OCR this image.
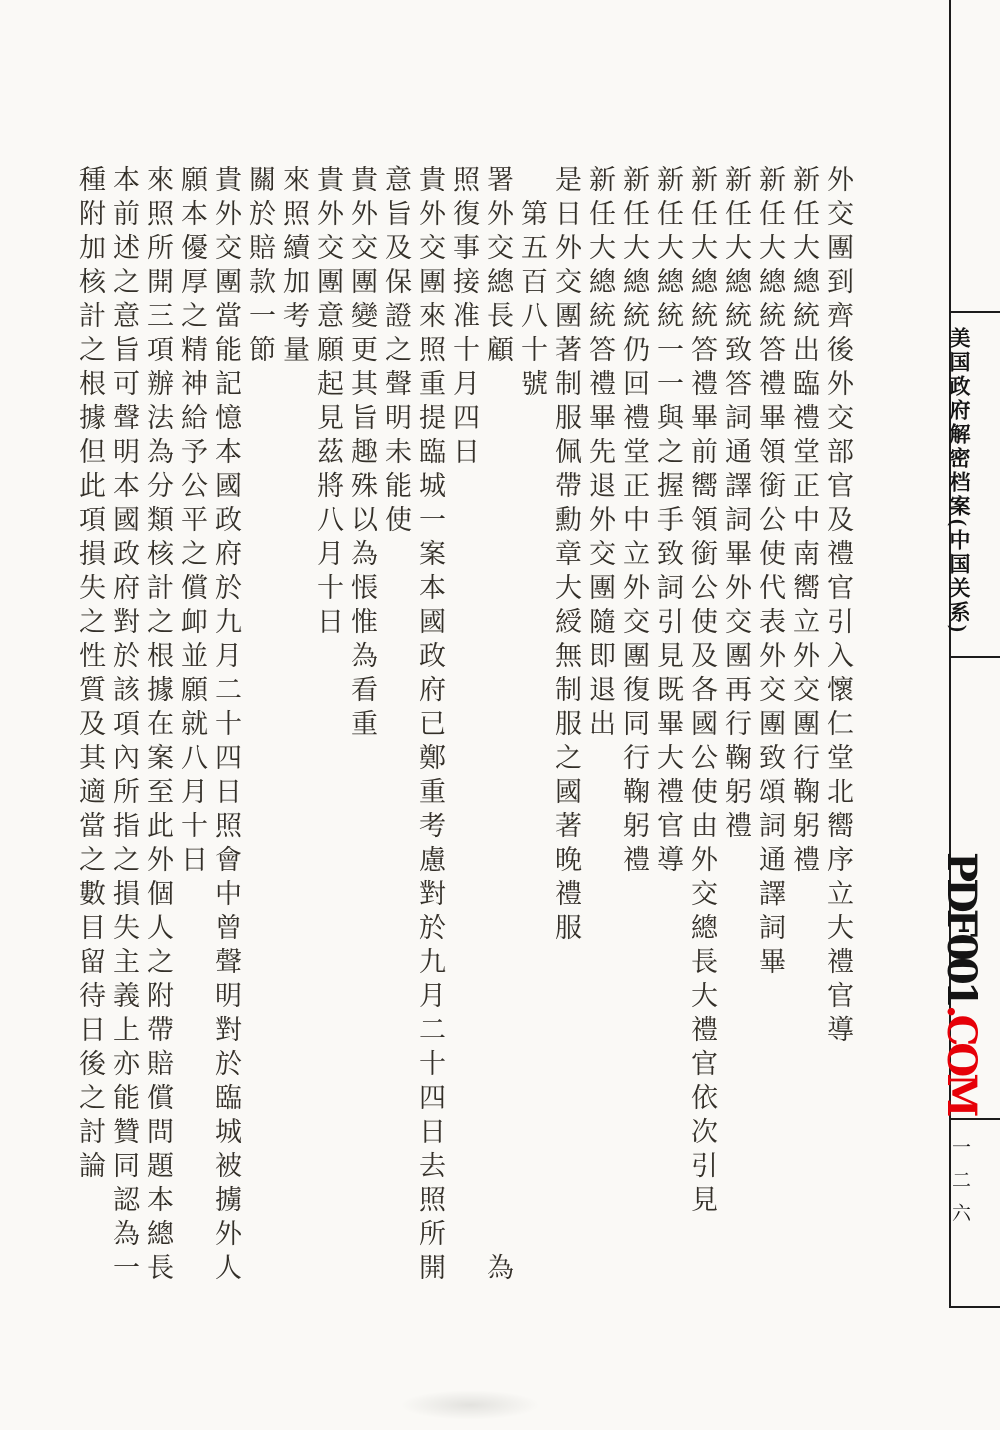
外交團到齊後外交部官及禮官引入懷仁堂北嚮序立大禮官導
新任大總統出臨禮堂正中南嚮立外交團行鞠躬禮
新任大總統答禮畢領銜公使代表外交團致頌詞通譯詞畢
新任大總統致答詞通譯詞畢外交團再行鞠躬禮
新任大總統答禮畢前嚮領銜公使及各國公使由外交總長大禮官依次引見
新任大總統一一與之握手致詞引見既畢大禮官導
新任大總統仍回禮堂正中立外交團復同行鞠躬禮
新任大總統答禮畢先退外交團隨即退出
是日外交團著制服佩帶勳章大綬無制服之國著晚禮服
第五百八十號
署外交總長顧
為
照復事接准十月四日
貴外交團來照重提臨城一案本國政府已鄭重考慮對於九月二十四日去照所開
意旨及保證之聲明未能使
貴外交團變更其旨趣殊以為悵惟為看重
貴外交團意願起見茲將八月十日
來照續加考量
關於賠款一節
貴外交團當能記憶本國政府於九月二十四日照會中曾聲明對於臨城被擄外人
願本優厚之精神給予公平之償卹並願就八月十日
來照所開三項辦法為分類核計之根據在案至此外個人之附帶賠償問題本總長
本前述之意旨可聲明本國政府對於該項內所指之損失主義上亦能贊同認為一
種附加核計之根據但此項損失之性質及其適當之數目留待日後之討論	美国政府解密档案(中国关系)
PDF001.COM
一二六
